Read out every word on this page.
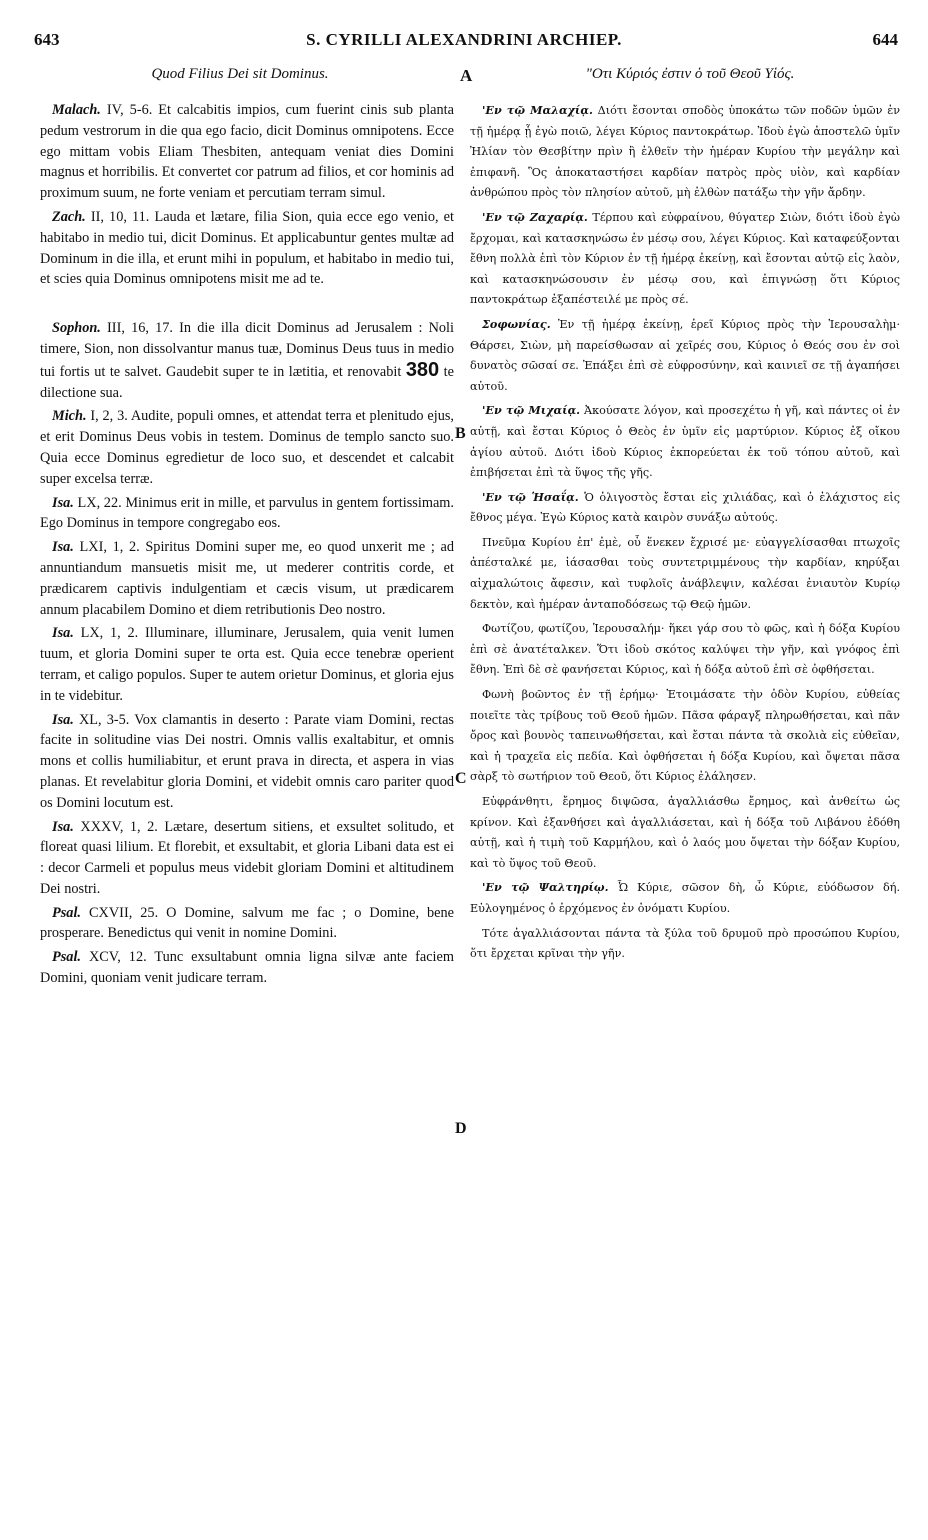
643	S. CYRILLI ALEXANDRINI ARCHIEP.	644
Quod Filius Dei sit Dominus.	A	"Οτι Κύριός ἐστιν ὁ τοῦ Θεοῦ Υἱός.
B
C
D

Malach. IV, 5-6. Et calcabitis impios, cum fuerint cinis sub planta pedum vestrorum in die qua ego facio, dicit Dominus omnipotens. Ecce ego mittam vobis Eliam Thesbiten, antequam veniat dies Domini magnus et horribilis. Et convertet cor patrum ad filios, et cor hominis ad proximum suum, ne forte veniam et percutiam terram simul.

Zach. II, 10, 11. Lauda et lætare, filia Sion, quia ecce ego venio, et habitabo in medio tui, dicit Dominus. Et applicabuntur gentes multæ ad Dominum in die illa, et erunt mihi in populum, et habitabo in medio tui, et scies quia Dominus omnipotens misit me ad te.

Sophon. III, 16, 17. In die illa dicit Dominus ad Jerusalem : Noli timere, Sion, non dissolvantur manus tuæ, Dominus Deus tuus in medio tui fortis ut te salvet. Gaudebit super te in lætitia, et renovabit 380 te dilectione sua.

Mich. I, 2, 3. Audite, populi omnes, et attendat terra et plenitudo ejus, et erit Dominus Deus vobis in testem. Dominus de templo sancto suo. Quia ecce Dominus egredietur de loco suo, et descendet et calcabit super excelsa terræ.

Isa. LX, 22. Minimus erit in mille, et parvulus in gentem fortissimam. Ego Dominus in tempore congregabo eos.

Isa. LXI, 1, 2. Spiritus Domini super me, eo quod unxerit me ; ad annuntiandum mansuetis misit me, ut mederer contritis corde, et prædicarem captivis indulgentiam et cæcis visum, ut prædicarem annum placabilem Domino et diem retributionis Deo nostro.

Isa. LX, 1, 2. Illuminare, illuminare, Jerusalem, quia venit lumen tuum, et gloria Domini super te orta est. Quia ecce tenebræ operient terram, et caligo populos. Super te autem orietur Dominus, et gloria ejus in te videbitur.

Isa. XL, 3-5. Vox clamantis in deserto : Parate viam Domini, rectas facite in solitudine vias Dei nostri. Omnis vallis exaltabitur, et omnis mons et collis humiliabitur, et erunt prava in directa, et aspera in vias planas. Et revelabitur gloria Domini, et videbit omnis caro pariter quod os Domini locutum est.

Isa. XXXV, 1, 2. Lætare, desertum sitiens, et exsultet solitudo, et floreat quasi lilium. Et florebit, et exsultabit, et gloria Libani data est ei : decor Carmeli et populus meus videbit gloriam Domini et altitudinem Dei nostri.

Psal. CXVII, 25. O Domine, salvum me fac ; o Domine, bene prosperare. Benedictus qui venit in nomine Domini.

Psal. XCV, 12. Tunc exsultabunt omnia ligna silvæ ante faciem Domini, quoniam venit judicare terram.

'Εν τῷ Μαλαχίᾳ. Διότι ἔσονται σποδὸς ὑποκάτω τῶν ποδῶν ὑμῶν ἐν τῇ ἡμέρᾳ ᾗ ἐγὼ ποιῶ, λέγει Κύριος παντοκράτωρ. Ἰδοὺ ἐγὼ ἀποστελῶ ὑμῖν Ἠλίαν τὸν Θεσβίτην πρὶν ἢ ἐλθεῖν τὴν ἡμέραν Κυρίου τὴν μεγάλην καὶ ἐπιφανῆ. Ὃς ἀποκαταστήσει καρδίαν πατρὸς πρὸς υἱὸν, καὶ καρδίαν ἀνθρώπου πρὸς τὸν πλησίον αὐτοῦ, μὴ ἐλθὼν πατάξω τὴν γῆν ἄρδην.

'Εν τῷ Ζαχαρίᾳ. Τέρπου καὶ εὐφραίνου, θύγατερ Σιὼν, διότι ἰδοὺ ἐγὼ ἔρχομαι, καὶ κατασκηνώσω ἐν μέσῳ σου, λέγει Κύριος. Καὶ καταφεύξονται ἔθνη πολλὰ ἐπὶ τὸν Κύριον ἐν τῇ ἡμέρᾳ ἐκείνῃ, καὶ ἔσονται αὐτῷ εἰς λαὸν, καὶ κατασκηνώσουσιν ἐν μέσῳ σου, καὶ ἐπιγνώσῃ ὅτι Κύριος παντοκράτωρ ἐξαπέστειλέ με πρὸς σέ.

Σοφωνίας. Ἐν τῇ ἡμέρᾳ ἐκείνῃ, ἐρεῖ Κύριος πρὸς τὴν Ἱερουσαλὴμ· Θάρσει, Σιὼν, μὴ παρείσθωσαν αἱ χεῖρές σου, Κύριος ὁ Θεός σου ἐν σοὶ δυνατὸς σῶσαί σε. Ἐπάξει ἐπὶ σὲ εὐφροσύνην, καὶ καινιεῖ σε τῇ ἀγαπήσει αὐτοῦ.

'Εν τῷ Μιχαίᾳ. Ἀκούσατε λόγον, καὶ προσεχέτω ἡ γῆ, καὶ πάντες οἱ ἐν αὐτῇ, καὶ ἔσται Κύριος ὁ Θεὸς ἐν ὑμῖν εἰς μαρτύριον. Κύριος ἐξ οἴκου ἁγίου αὐτοῦ. Διότι ἰδοὺ Κύριος ἐκπορεύεται ἐκ τοῦ τόπου αὐτοῦ, καὶ ἐπιβήσεται ἐπὶ τὰ ὕψος τῆς γῆς.

'Εν τῷ Ἡσαΐᾳ. Ὁ ὀλιγοστὸς ἔσται εἰς χιλιάδας, καὶ ὁ ἐλάχιστος εἰς ἔθνος μέγα. Ἐγὼ Κύριος κατὰ καιρὸν συνάξω αὐτούς.

Πνεῦμα Κυρίου ἐπ' ἐμὲ, οὗ ἕνεκεν ἔχρισέ με· εὐαγγελίσασθαι πτωχοῖς ἀπέσταλκέ με, ἰάσασθαι τοὺς συντετριμμένους τὴν καρδίαν, κηρύξαι αἰχμαλώτοις ἄφεσιν, καὶ τυφλοῖς ἀνάβλεψιν, καλέσαι ἐνιαυτὸν Κυρίῳ δεκτὸν, καὶ ἡμέραν ἀνταποδόσεως τῷ Θεῷ ἡμῶν.

Φωτίζου, φωτίζου, Ἱερουσαλήμ· ἥκει γάρ σου τὸ φῶς, καὶ ἡ δόξα Κυρίου ἐπὶ σὲ ἀνατέταλκεν. Ὅτι ἰδοὺ σκότος καλύψει τὴν γῆν, καὶ γνόφος ἐπὶ ἔθνη. Ἐπὶ δὲ σὲ φανήσεται Κύριος, καὶ ἡ δόξα αὐτοῦ ἐπὶ σὲ ὀφθήσεται.

Φωνὴ βοῶντος ἐν τῇ ἐρήμῳ· Ἑτοιμάσατε τὴν ὁδὸν Κυρίου, εὐθείας ποιεῖτε τὰς τρίβους τοῦ Θεοῦ ἡμῶν. Πᾶσα φάραγξ πληρωθήσεται, καὶ πᾶν ὄρος καὶ βουνὸς ταπεινωθήσεται, καὶ ἔσται πάντα τὰ σκολιὰ εἰς εὐθεῖαν, καὶ ἡ τραχεῖα εἰς πεδία. Καὶ ὀφθήσεται ἡ δόξα Κυρίου, καὶ ὄψεται πᾶσα σὰρξ τὸ σωτήριον τοῦ Θεοῦ, ὅτι Κύριος ἐλάλησεν.

Εὐφράνθητι, ἔρημος διψῶσα, ἀγαλλιάσθω ἔρημος, καὶ ἀνθείτω ὡς κρίνον. Καὶ ἐξανθήσει καὶ ἀγαλλιάσεται, καὶ ἡ δόξα τοῦ Λιβάνου ἐδόθη αὐτῇ, καὶ ἡ τιμὴ τοῦ Καρμήλου, καὶ ὁ λαός μου ὄψεται τὴν δόξαν Κυρίου, καὶ τὸ ὕψος τοῦ Θεοῦ.

'Εν τῷ Ψαλτηρίῳ. Ὦ Κύριε, σῶσον δὴ, ὦ Κύριε, εὐόδωσον δή. Εὐλογημένος ὁ ἐρχόμενος ἐν ὀνόματι Κυρίου.

Τότε ἀγαλλιάσονται πάντα τὰ ξύλα τοῦ δρυμοῦ πρὸ προσώπου Κυρίου, ὅτι ἔρχεται κρῖναι τὴν γῆν.
